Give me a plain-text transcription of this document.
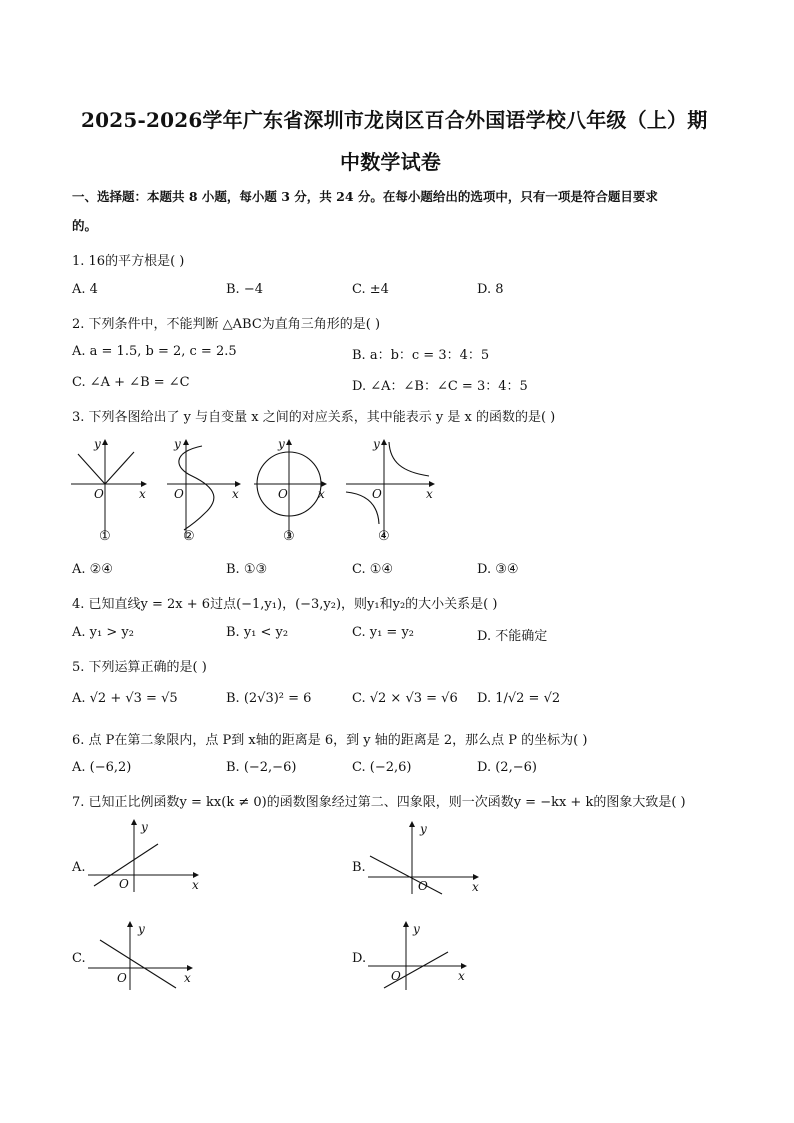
2025-2026学年广东省深圳市龙岗区百合外国语学校八年级（上）期
中数学试卷
一、选择题：本题共 8 小题，每小题 3 分，共 24 分。在每小题给出的选项中，只有一项是符合题目要求
的。
1. 16的平方根是( )
A. 4	B. −4	C. ±4	D. 8
2. 下列条件中，不能判断 △ABC为直角三角形的是( )
A. a = 1.5, b = 2, c = 2.5	B. a：b：c = 3：4：5
C. ∠A + ∠B = ∠C	D. ∠A：∠B：∠C = 3：4：5
3. 下列各图给出了 y 与自变量 x 之间的对应关系，其中能表示 y 是 x 的函数的是( )
y
x
O
y
x
O
y
x
O
y
x
O
①	②	③	④
A. ②④	B. ①③	C. ①④	D. ③④
4. 已知直线y = 2x + 6过点(−1,y₁)，(−3,y₂)，则y₁和y₂的大小关系是( )
A. y₁ > y₂	B. y₁ < y₂	C. y₁ = y₂	D. 不能确定
5. 下列运算正确的是( )
A. √2 + √3 = √5	B. (2√3)² = 6	C. √2 × √3 = √6 D. 1/√2 = √2
6. 点 P在第二象限内，点 P到 x轴的距离是 6，到 y 轴的距离是 2，那么点 P 的坐标为( )
A. (−6,2)	B. (−2,−6)	C. (−2,6)	D. (2,−6)
7. 已知正比例函数y = kx(k ≠ 0)的函数图象经过第二、四象限，则一次函数y = −kx + k的图象大致是( )
A.
y
x
O
B.
y
x
O
C.
y
x
O
D.
y
x
O
